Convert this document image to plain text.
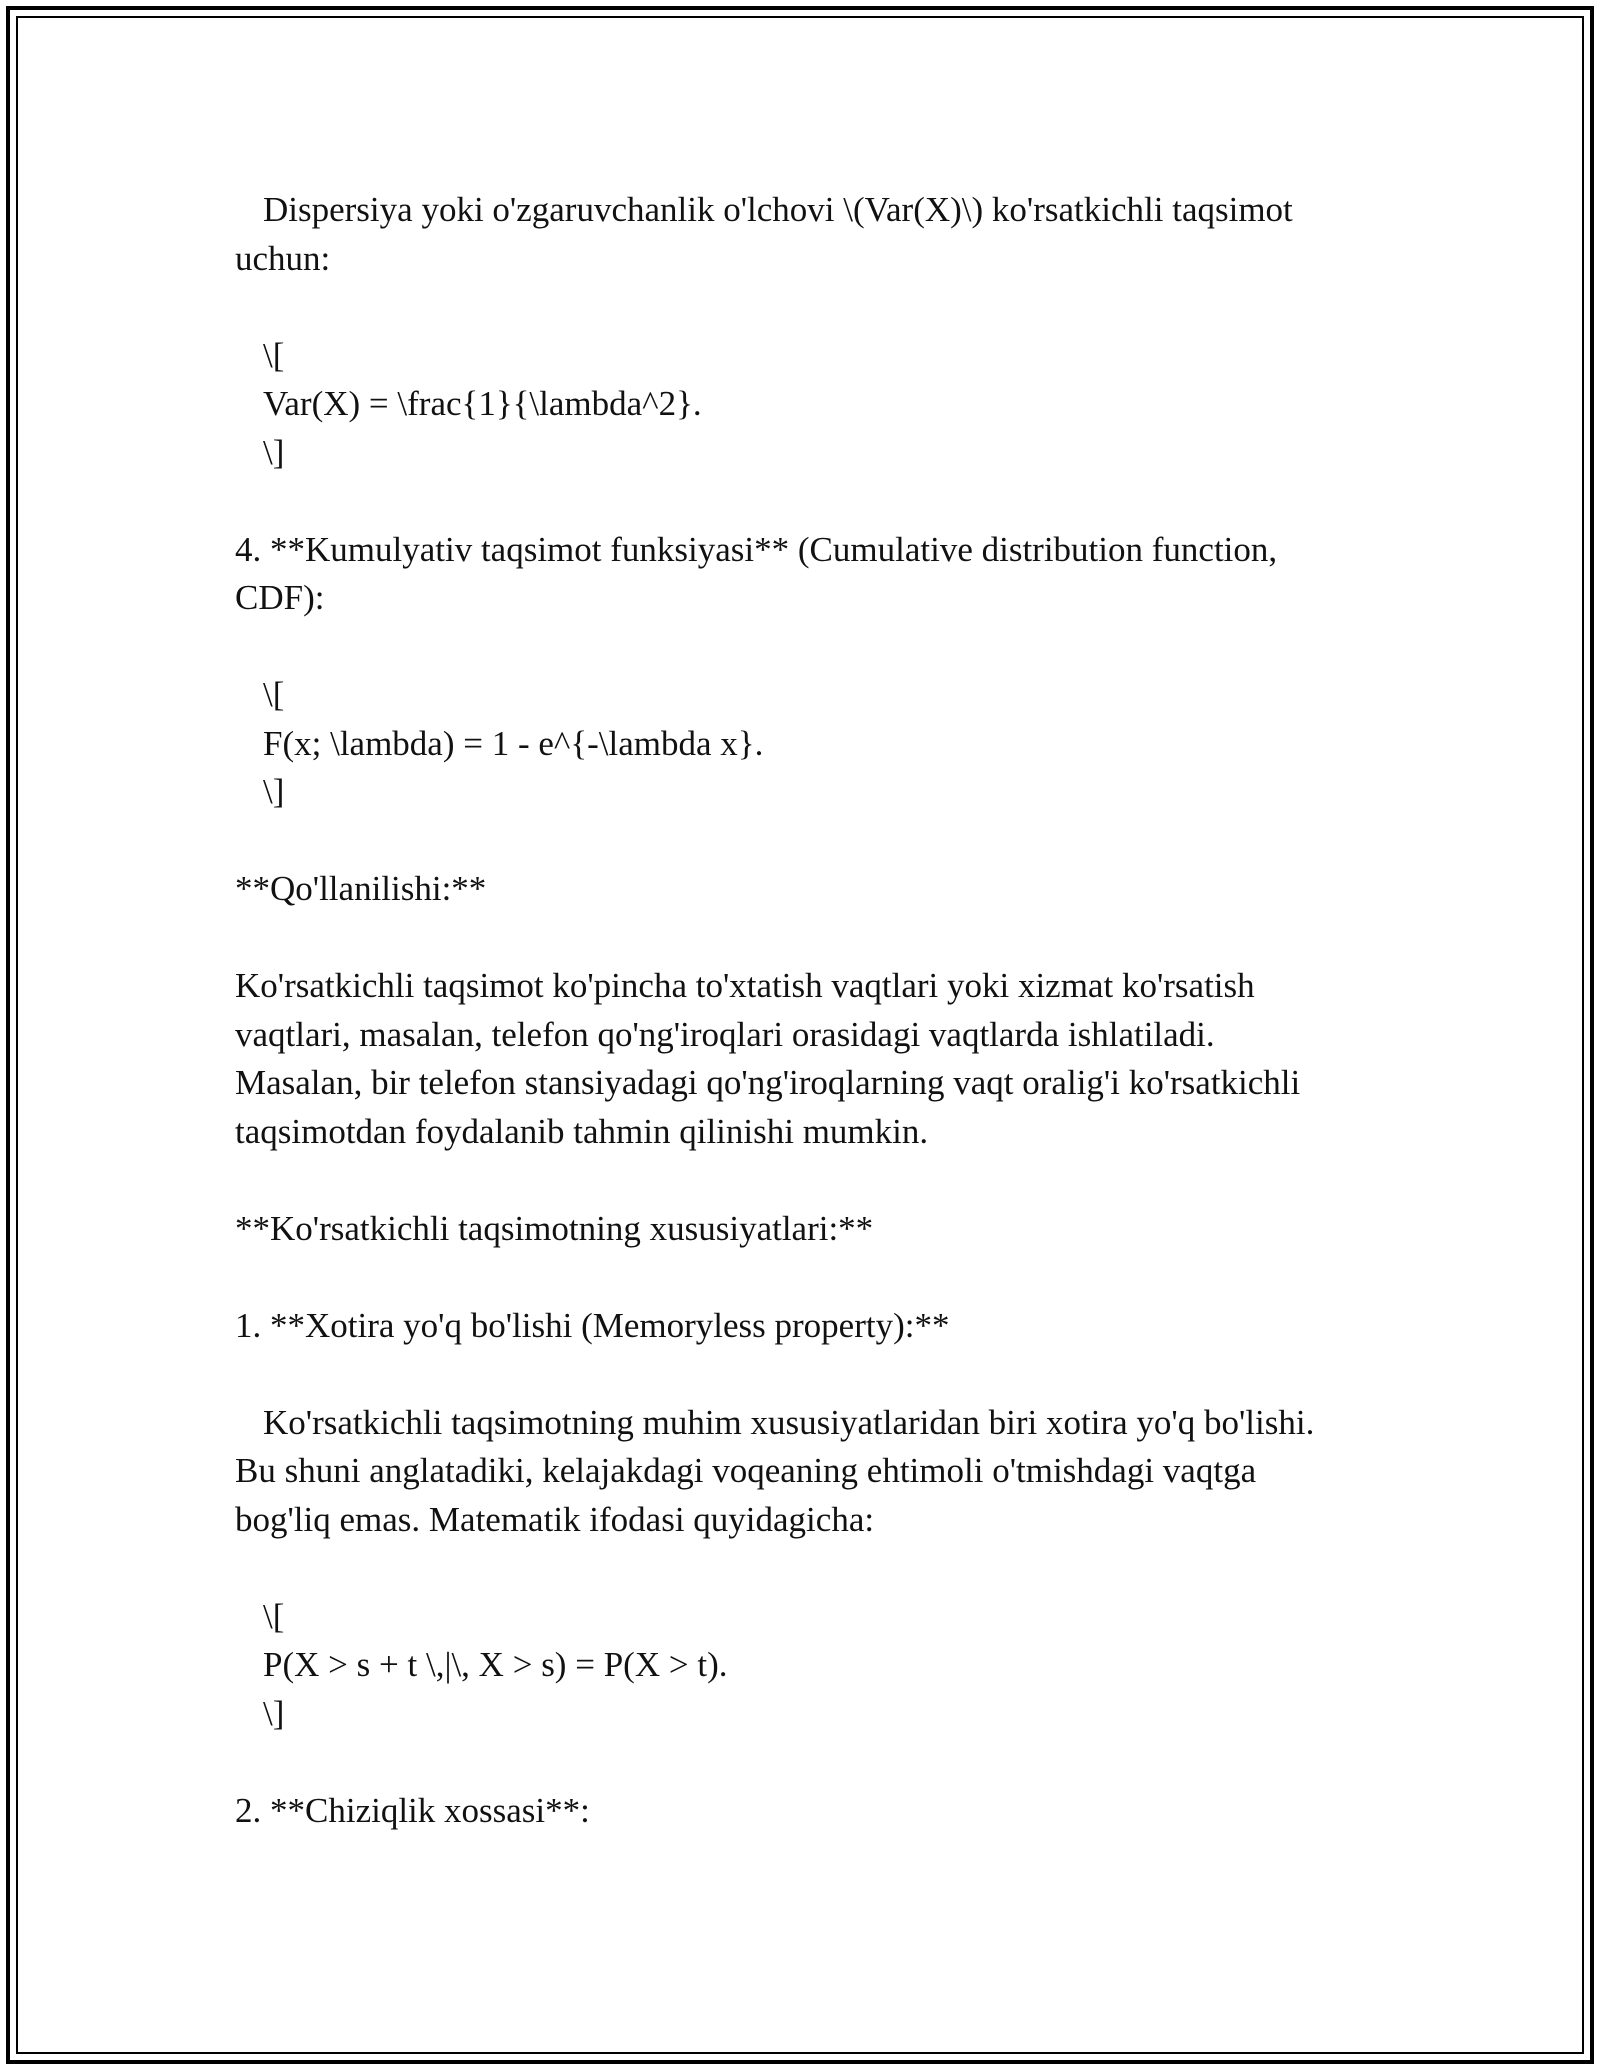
Dispersiya yoki o'zgaruvchanlik o'lchovi \(Var(X)\) ko'rsatkichli taqsimot
uchun:
\[
Var(X) = \frac{1}{\lambda^2}.
\]
4. **Kumulyativ taqsimot funksiyasi** (Cumulative distribution function,
CDF):
\[
F(x; \lambda) = 1 - e^{-\lambda x}.
\]
**Qo'llanilishi:**
Ko'rsatkichli taqsimot ko'pincha to'xtatish vaqtlari yoki xizmat ko'rsatish
vaqtlari, masalan, telefon qo'ng'iroqlari orasidagi vaqtlarda ishlatiladi.
Masalan, bir telefon stansiyadagi qo'ng'iroqlarning vaqt oralig'i ko'rsatkichli
taqsimotdan foydalanib tahmin qilinishi mumkin.
**Ko'rsatkichli taqsimotning xususiyatlari:**
1. **Xotira yo'q bo'lishi (Memoryless property):**
Ko'rsatkichli taqsimotning muhim xususiyatlaridan biri xotira yo'q bo'lishi.
Bu shuni anglatadiki, kelajakdagi voqeaning ehtimoli o'tmishdagi vaqtga
bog'liq emas. Matematik ifodasi quyidagicha:
\[
P(X > s + t \,|\, X > s) = P(X > t).
\]
2. **Chiziqlik xossasi**:
